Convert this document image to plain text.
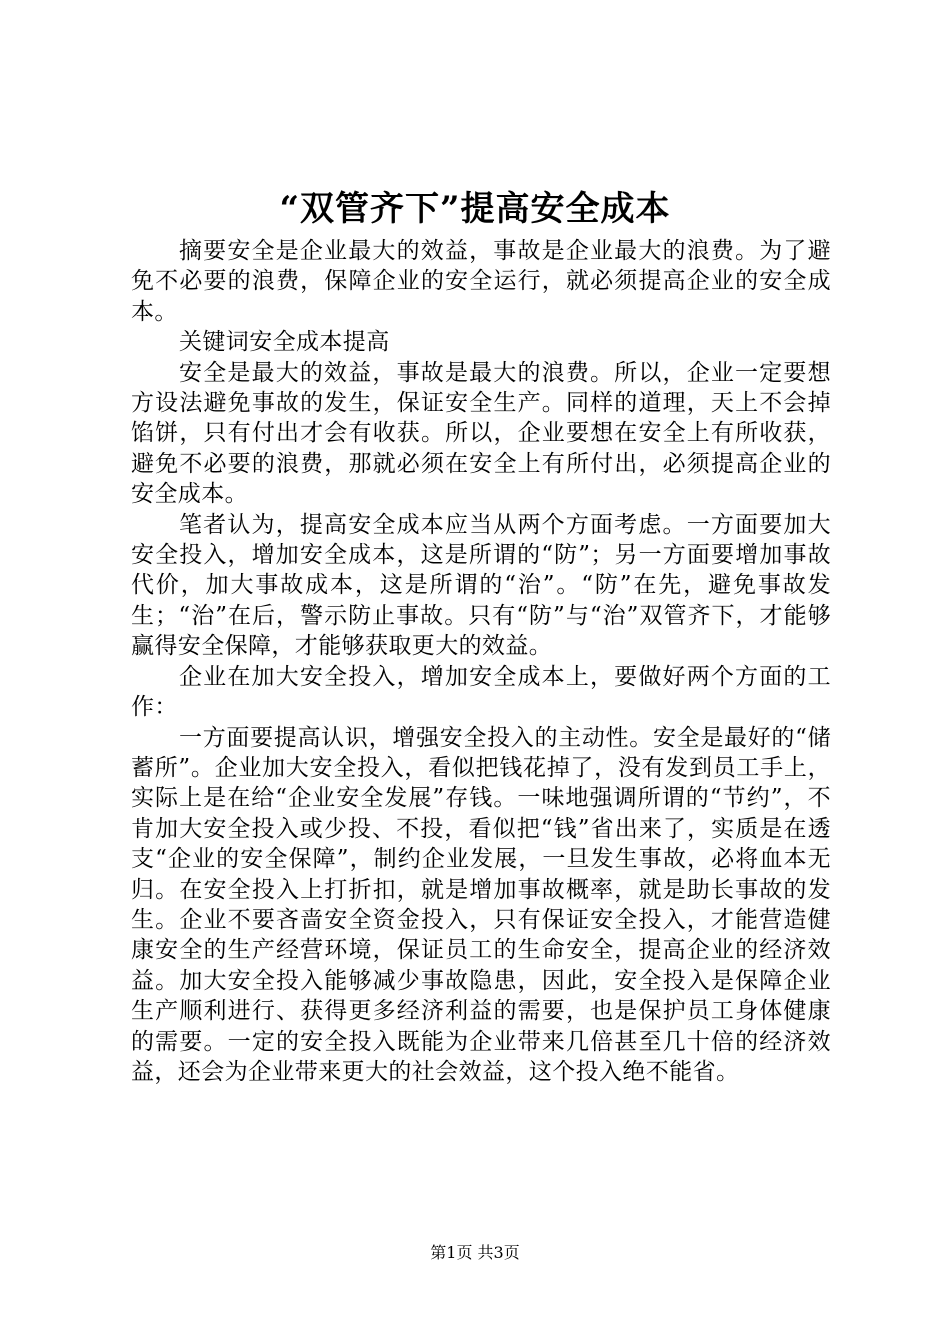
“双管齐下”提高安全成本

摘要安全是企业最大的效益，事故是企业最大的浪费。为了避免不必要的浪费，保障企业的安全运行，就必须提高企业的安全成本。

关键词安全成本提高

安全是最大的效益，事故是最大的浪费。所以，企业一定要想方设法避免事故的发生，保证安全生产。同样的道理，天上不会掉馅饼，只有付出才会有收获。所以，企业要想在安全上有所收获，避免不必要的浪费，那就必须在安全上有所付出，必须提高企业的安全成本。

笔者认为，提高安全成本应当从两个方面考虑。一方面要加大安全投入，增加安全成本，这是所谓的“防”；另一方面要增加事故代价，加大事故成本，这是所谓的“治”。“防”在先，避免事故发生；“治”在后，警示防止事故。只有“防”与“治”双管齐下，才能够赢得安全保障，才能够获取更大的效益。

企业在加大安全投入，增加安全成本上，要做好两个方面的工作：

一方面要提高认识，增强安全投入的主动性。安全是最好的“储蓄所”。企业加大安全投入，看似把钱花掉了，没有发到员工手上，实际上是在给“企业安全发展”存钱。一味地强调所谓的“节约”，不肯加大安全投入或少投、不投，看似把“钱”省出来了，实质是在透支“企业的安全保障”，制约企业发展，一旦发生事故，必将血本无归。在安全投入上打折扣，就是增加事故概率，就是助长事故的发生。企业不要吝啬安全资金投入，只有保证安全投入，才能营造健康安全的生产经营环境，保证员工的生命安全，提高企业的经济效益。加大安全投入能够减少事故隐患，因此，安全投入是保障企业生产顺利进行、获得更多经济利益的需要，也是保护员工身体健康的需要。一定的安全投入既能为企业带来几倍甚至几十倍的经济效益，还会为企业带来更大的社会效益，这个投入绝不能省。

第1页 共3页
